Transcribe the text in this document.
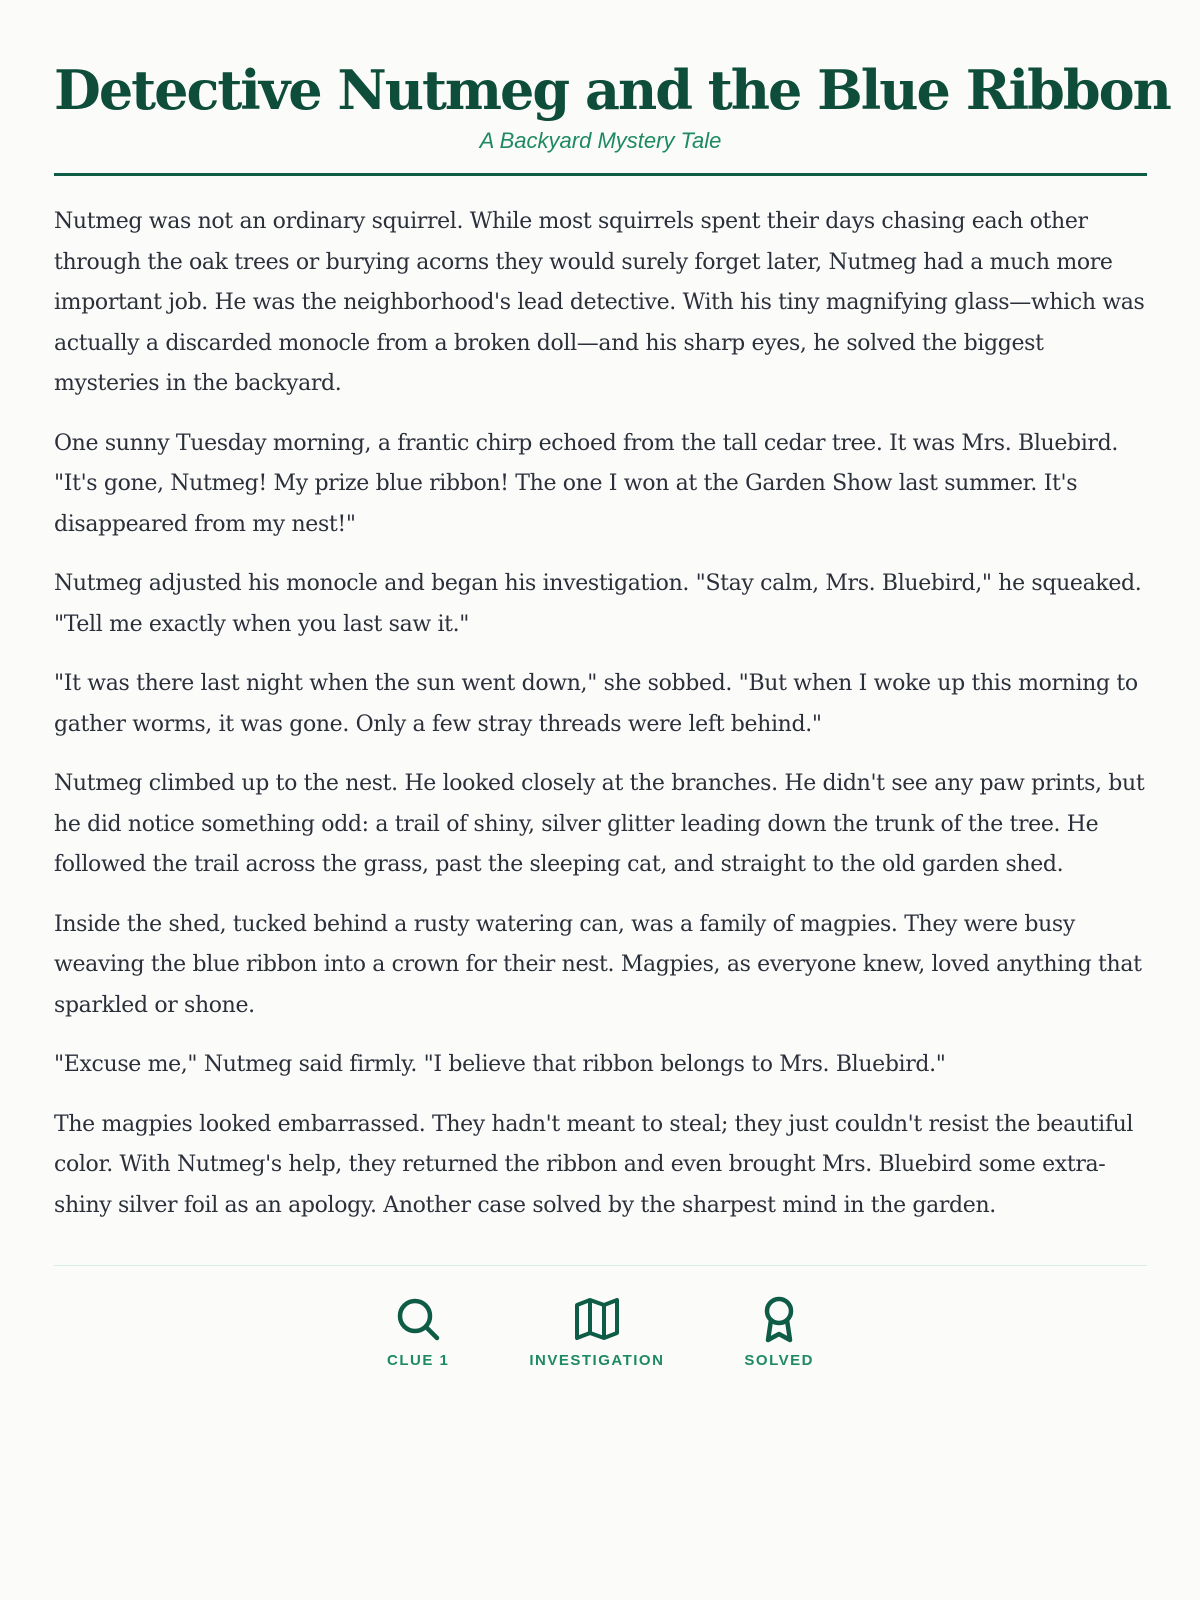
Detective Nutmeg and the Blue Ribbon

A Backyard Mystery Tale

Nutmeg was not an ordinary squirrel. While most squirrels spent their days chasing each other through the oak trees or burying acorns they would surely forget later, Nutmeg had a much more important job. He was the neighborhood's lead detective. With his tiny magnifying glass—which was actually a discarded monocle from a broken doll—and his sharp eyes, he solved the biggest mysteries in the backyard.

One sunny Tuesday morning, a frantic chirp echoed from the tall cedar tree. It was Mrs. Bluebird. "It's gone, Nutmeg! My prize blue ribbon! The one I won at the Garden Show last summer. It's disappeared from my nest!"

Nutmeg adjusted his monocle and began his investigation. "Stay calm, Mrs. Bluebird," he squeaked. "Tell me exactly when you last saw it."

"It was there last night when the sun went down," she sobbed. "But when I woke up this morning to gather worms, it was gone. Only a few stray threads were left behind."

Nutmeg climbed up to the nest. He looked closely at the branches. He didn't see any paw prints, but he did notice something odd: a trail of shiny, silver glitter leading down the trunk of the tree. He followed the trail across the grass, past the sleeping cat, and straight to the old garden shed.

Inside the shed, tucked behind a rusty watering can, was a family of magpies. They were busy weaving the blue ribbon into a crown for their nest. Magpies, as everyone knew, loved anything that sparkled or shone.

"Excuse me," Nutmeg said firmly. "I believe that ribbon belongs to Mrs. Bluebird."

The magpies looked embarrassed. They hadn't meant to steal; they just couldn't resist the beautiful color. With Nutmeg's help, they returned the ribbon and even brought Mrs. Bluebird some extra-shiny silver foil as an apology. Another case solved by the sharpest mind in the garden.

CLUE 1	INVESTIGATION	SOLVED
